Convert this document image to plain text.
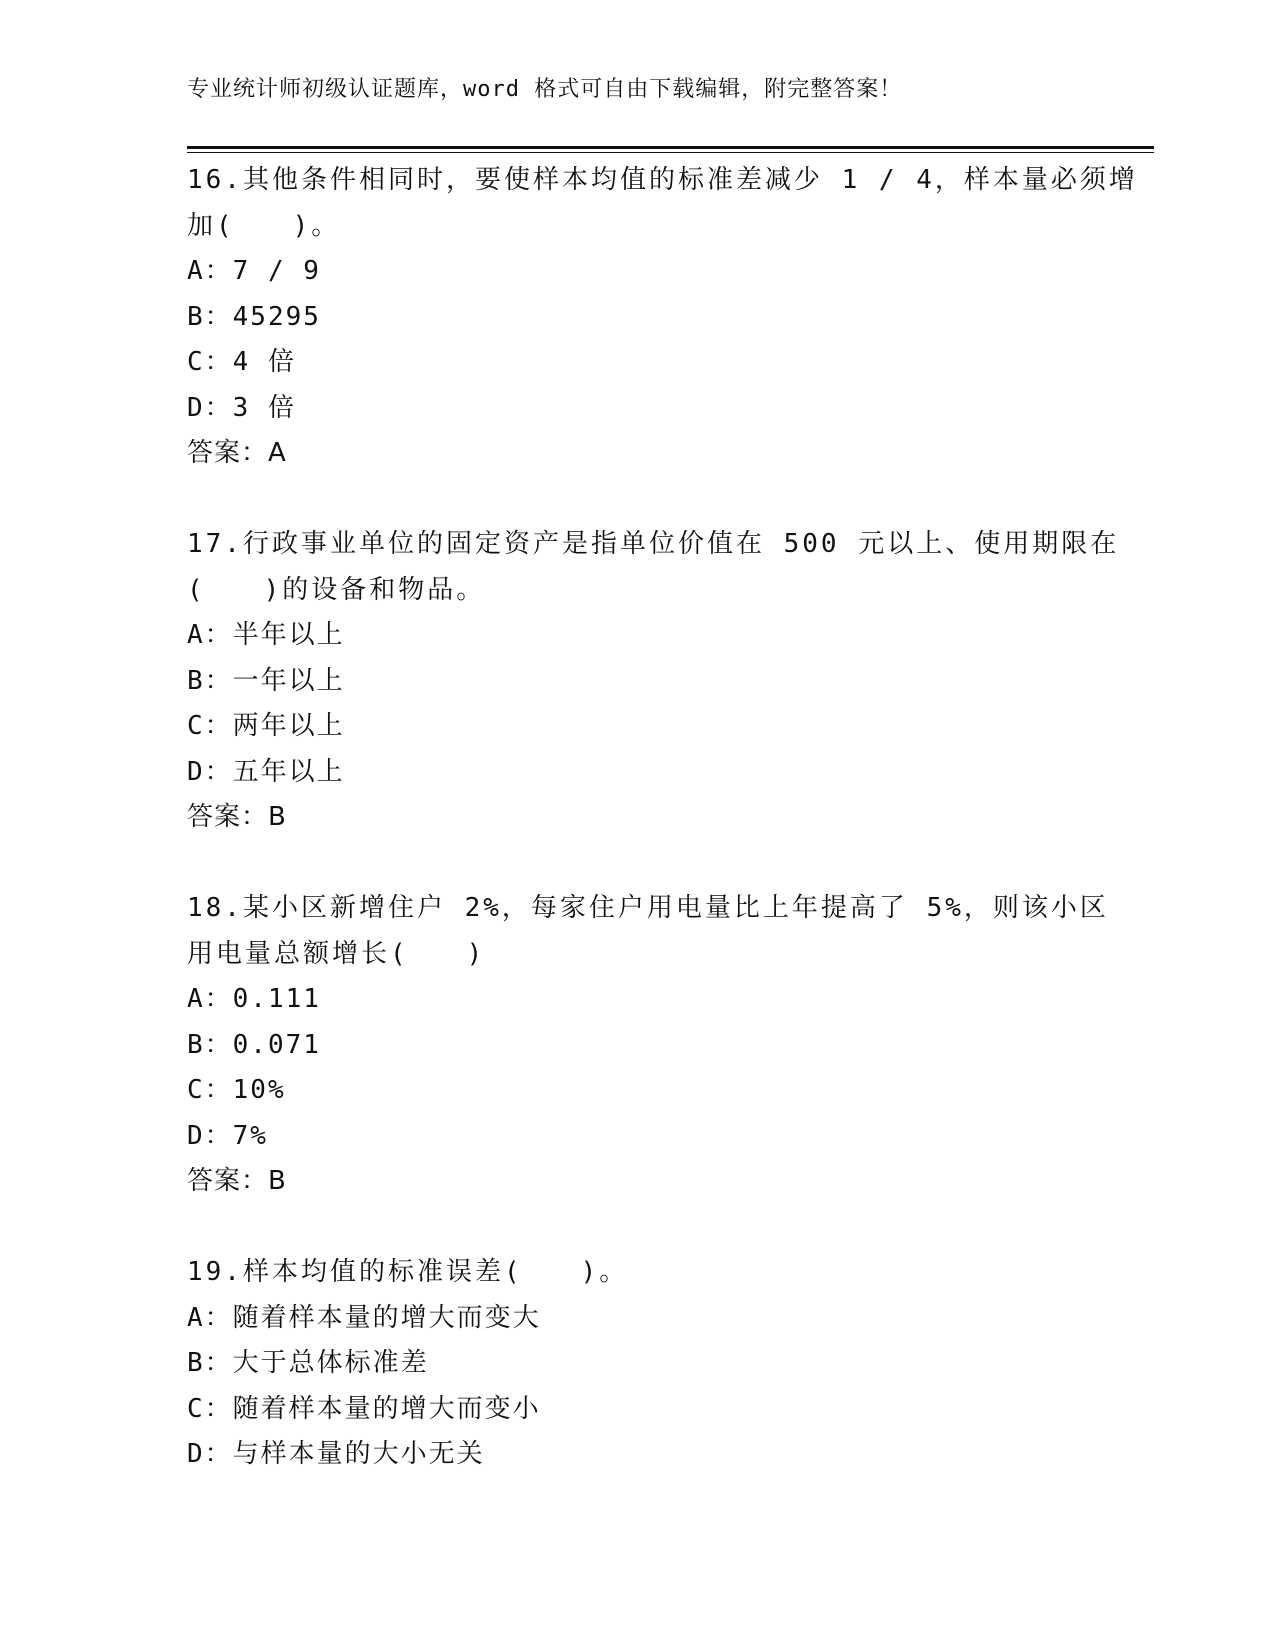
专业统计师初级认证题库，word 格式可自由下载编辑，附完整答案！
16.其他条件相同时，要使样本均值的标准差减少 1 / 4，样本量必须增
加(　　)。
A：7 / 9
B：45295
C：4 倍
D：3 倍
答案：A
17.行政事业单位的固定资产是指单位价值在 500 元以上、使用期限在
(　　)的设备和物品。
A：半年以上
B：一年以上
C：两年以上
D：五年以上
答案：B
18.某小区新增住户 2%，每家住户用电量比上年提高了 5%，则该小区
用电量总额增长(　　)
A：0.111
B：0.071
C：10%
D：7%
答案：B
19.样本均值的标准误差(　　)。
A：随着样本量的增大而变大
B：大于总体标准差
C：随着样本量的增大而变小
D：与样本量的大小无关
